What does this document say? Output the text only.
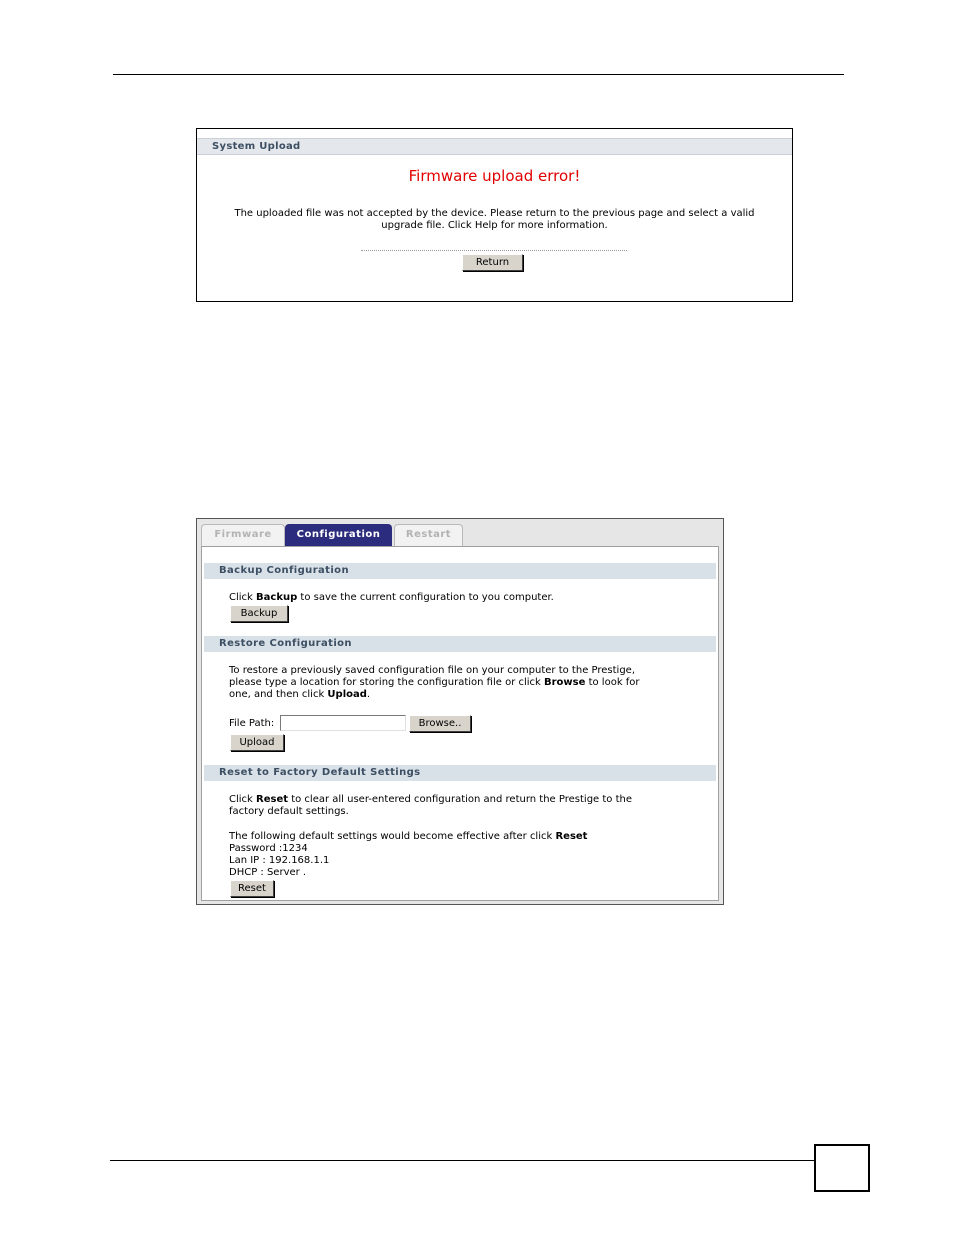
System Upload
Firmware upload error!
The uploaded file was not accepted by the device. Please return to the previous page and select a valid
upgrade file. Click Help for more information.
Return
Firmware	Configuration	Restart
Backup Configuration
Click Backup to save the current configuration to you computer.
Backup
Restore Configuration
To restore a previously saved configuration file on your computer to the Prestige,
please type a location for storing the configuration file or click Browse to look for
one, and then click Upload.
File Path:	Browse..
Upload
Reset to Factory Default Settings
Click Reset to clear all user-entered configuration and return the Prestige to the
factory default settings.
The following default settings would become effective after click Reset
Password :1234
Lan IP : 192.168.1.1
DHCP : Server .
Reset
